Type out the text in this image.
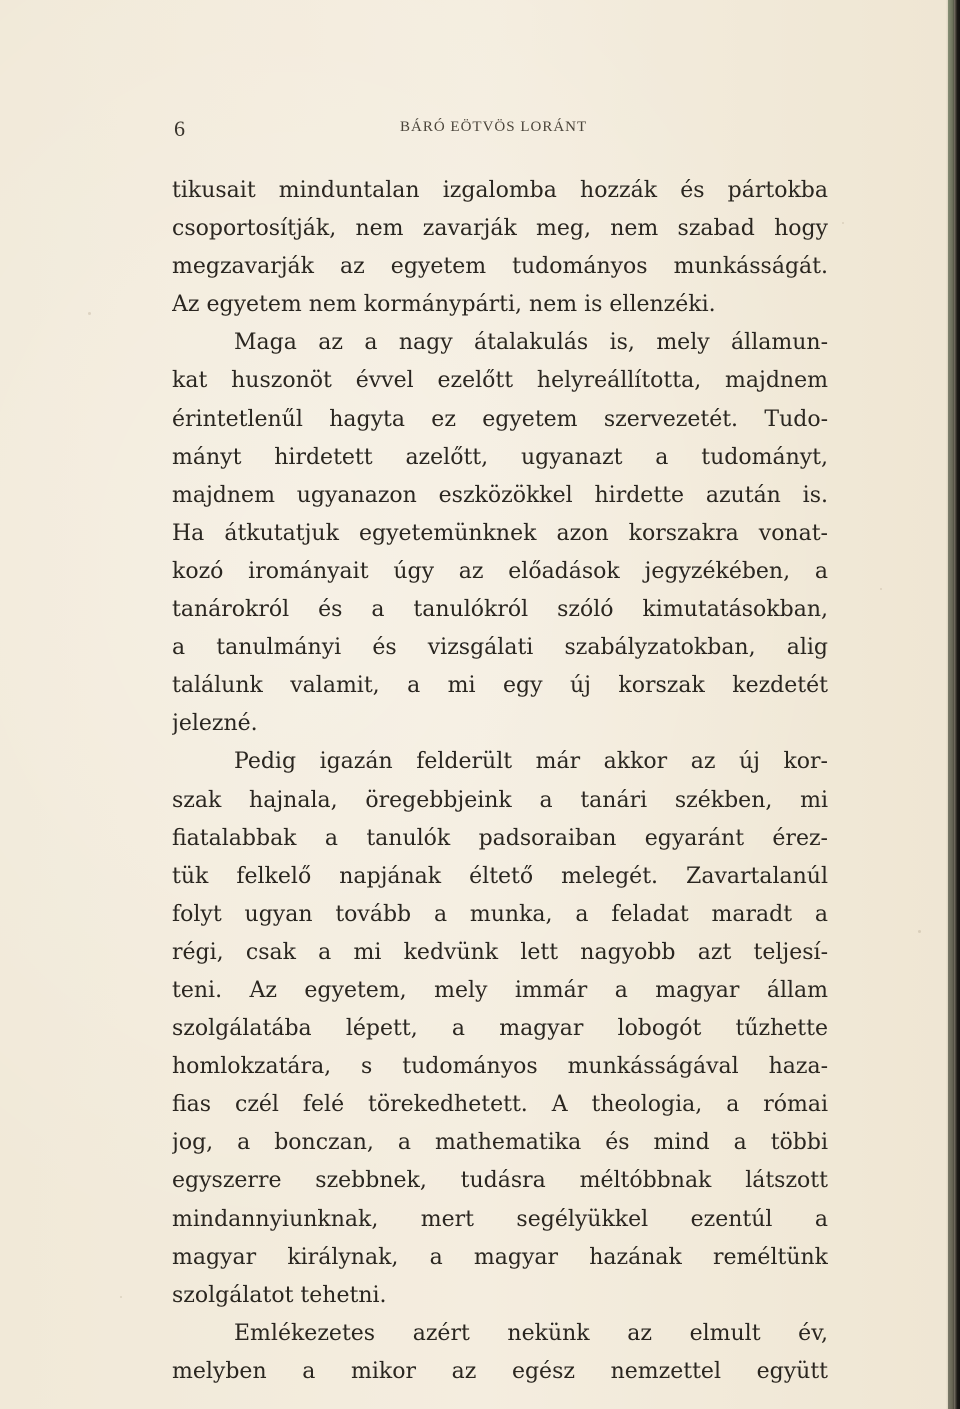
6	BÁRÓ EÖTVÖS LORÁNT
tikusait minduntalan izgalomba hozzák és pártokba
csoportosítják, nem zavarják meg, nem szabad hogy
megzavarják az egyetem tudományos munkásságát.
Az egyetem nem kormánypárti, nem is ellenzéki.
Maga az a nagy átalakulás is, mely államun-
kat huszonöt évvel ezelőtt helyreállította, majdnem
érintetlenűl hagyta ez egyetem szervezetét. Tudo-
mányt hirdetett azelőtt, ugyanazt a tudományt,
majdnem ugyanazon eszközökkel hirdette azután is.
Ha átkutatjuk egyetemünknek azon korszakra vonat-
kozó irományait úgy az előadások jegyzékében, a
tanárokról és a tanulókról szóló kimutatásokban,
a tanulmányi és vizsgálati szabályzatokban, alig
találunk valamit, a mi egy új korszak kezdetét
jelezné.
Pedig igazán felderült már akkor az új kor-
szak hajnala, öregebbjeink a tanári székben, mi
fiatalabbak a tanulók padsoraiban egyaránt érez-
tük felkelő napjának éltető melegét. Zavartalanúl
folyt ugyan tovább a munka, a feladat maradt a
régi, csak a mi kedvünk lett nagyobb azt teljesí-
teni. Az egyetem, mely immár a magyar állam
szolgálatába lépett, a magyar lobogót tűzhette
homlokzatára, s tudományos munkásságával haza-
fias czél felé törekedhetett. A theologia, a római
jog, a bonczan, a mathematika és mind a többi
egyszerre szebbnek, tudásra méltóbbnak látszott
mindannyiunknak, mert segélyükkel ezentúl a
magyar királynak, a magyar hazának reméltünk
szolgálatot tehetni.
Emlékezetes azért nekünk az elmult év,
melyben a mikor az egész nemzettel együtt
